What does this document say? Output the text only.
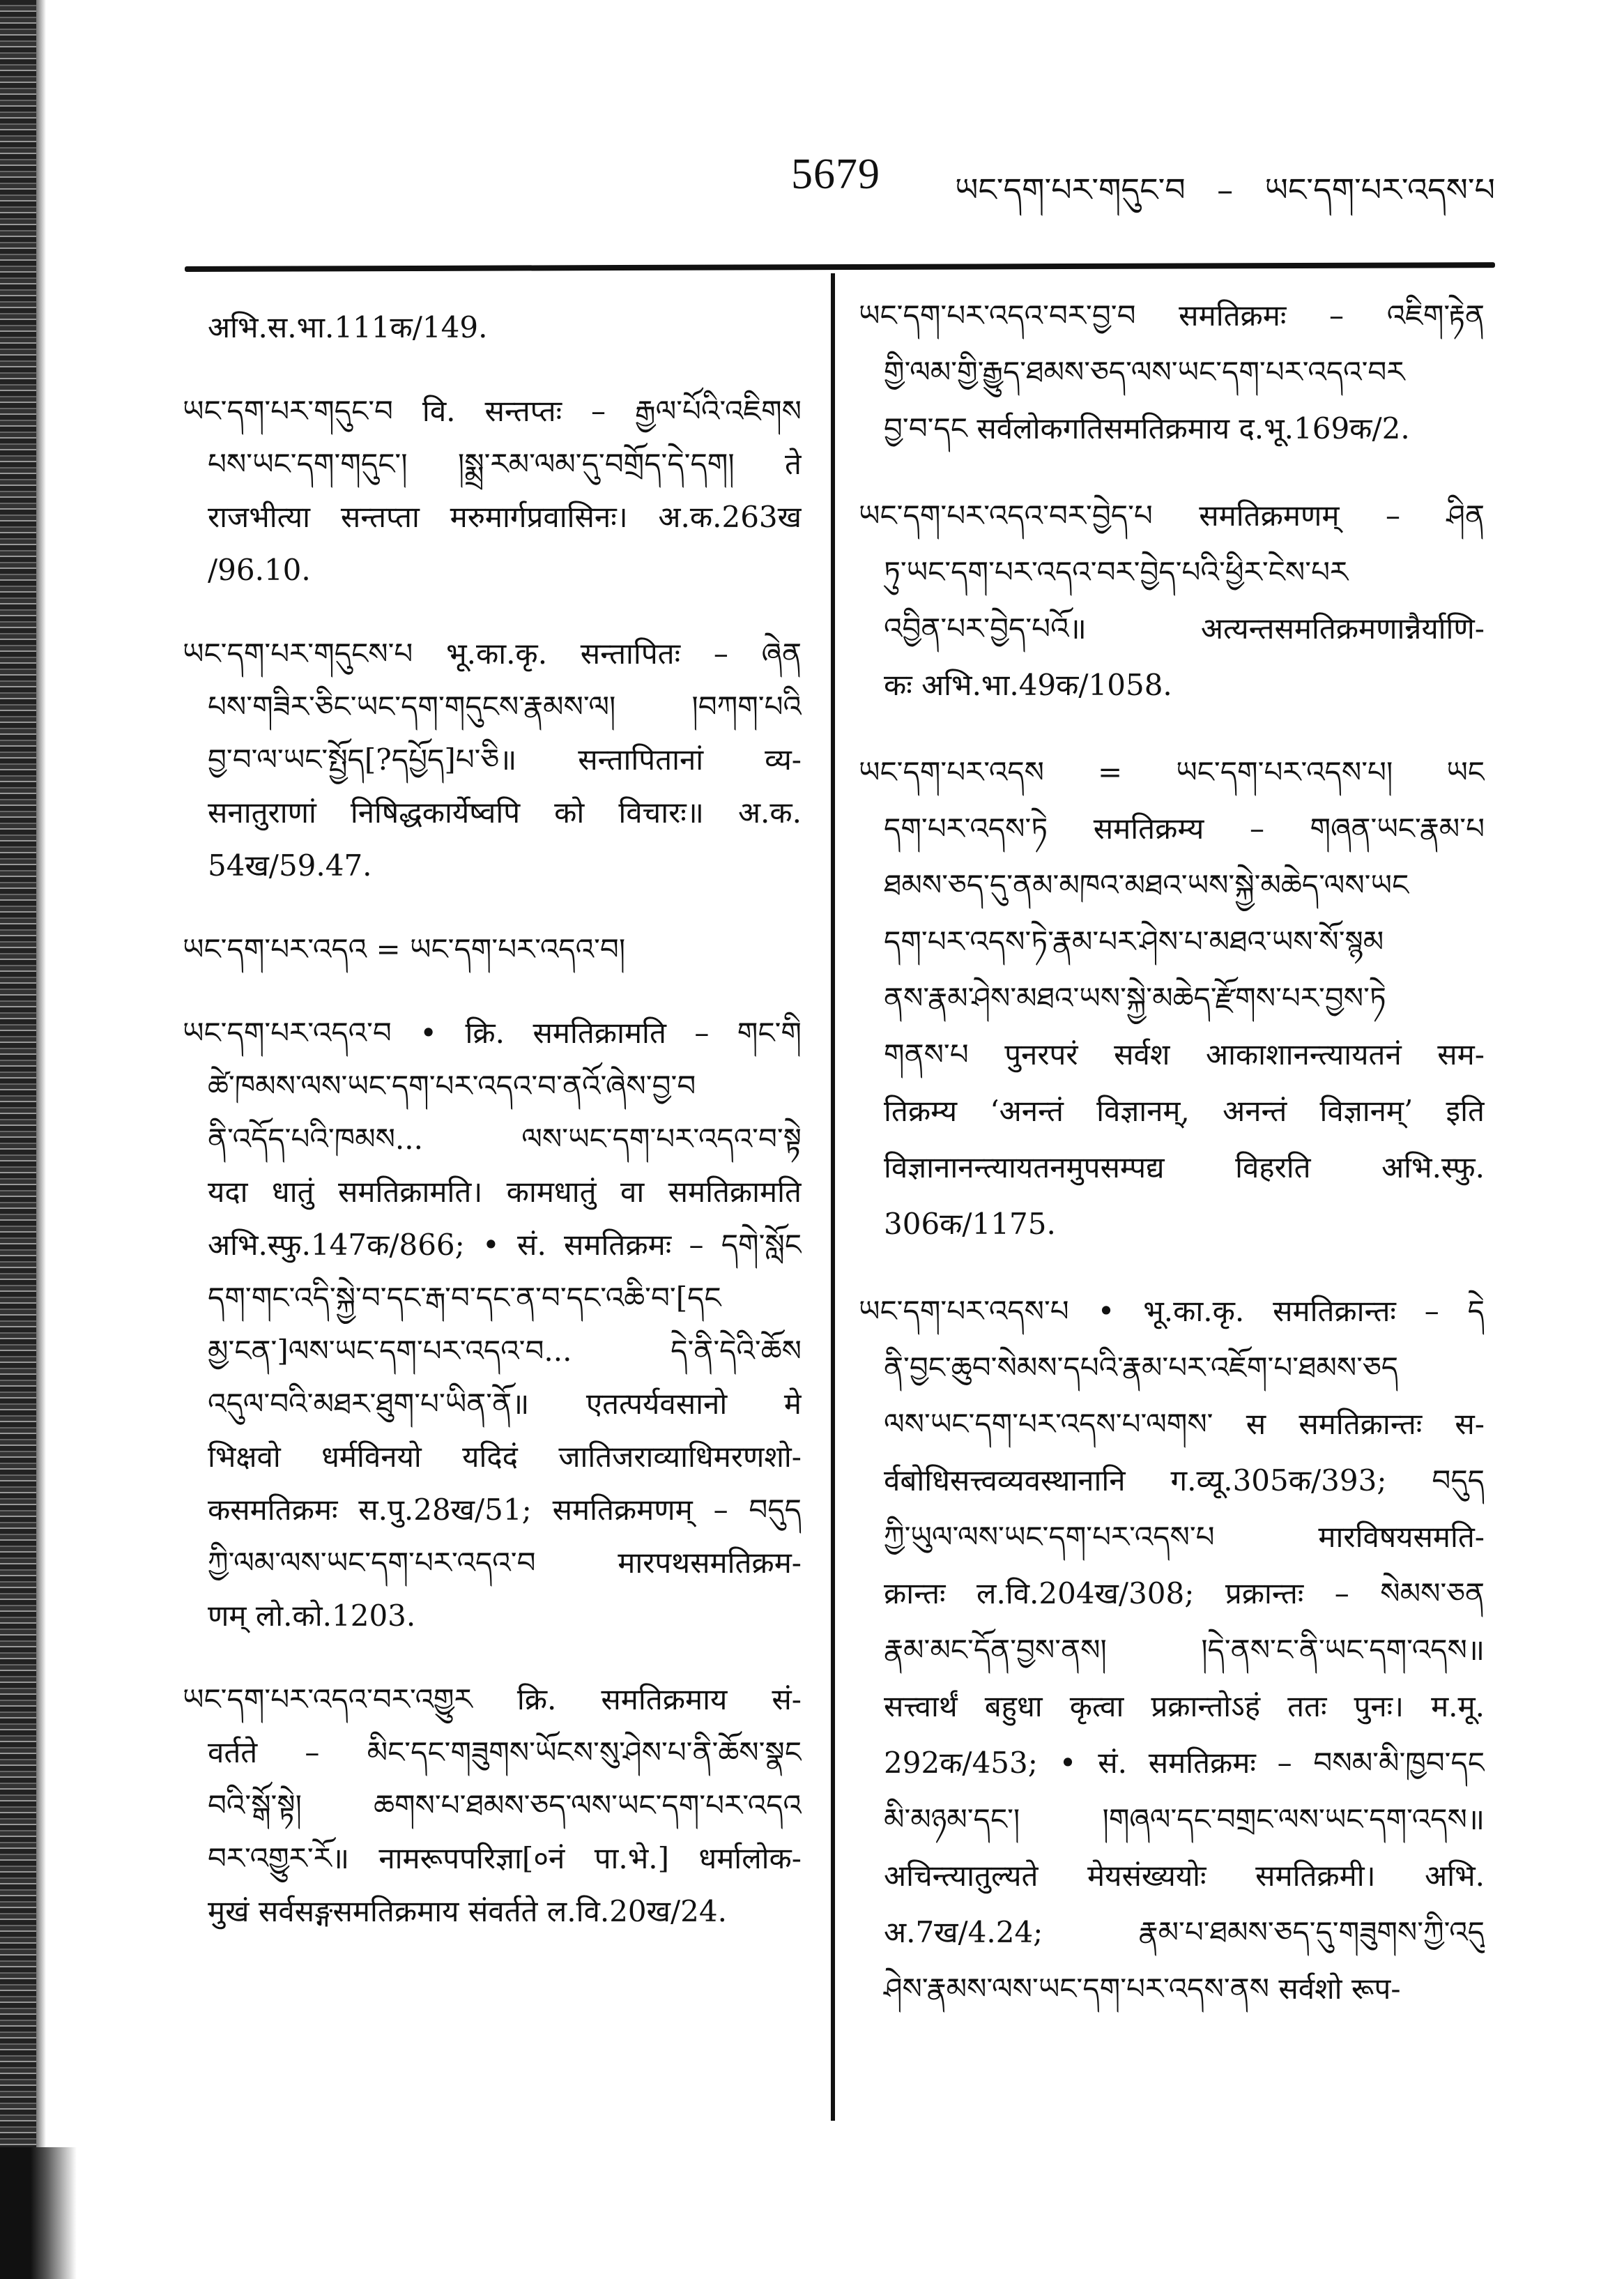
5679 ཡང་དག་པར་གདུང་བ – ཡང་དག་པར་འདས་པ
अभि.स.भा.111क/149.
ཡང་དག་པར་གདུང་བ वि. सन्तप्तः – རྒྱལ་པོའི་འཇིགས
པས་ཡང་དག་གདུང་། །སྨྲ་རམ་ལམ་དུ་བགྲོད་དེ་དག། ते
राजभीत्या सन्तप्ता मरुमार्गप्रवासिनः। अ.क.263ख
/96.10.
ཡང་དག་པར་གདུངས་པ भू.का.कृ. सन्तापितः – ཞེན
པས་གཟིར་ཅིང་ཡང་དག་གདུངས་རྣམས་ལ། །བཀག་པའི
བྱ་བ་ལ་ཡང་སྤྱོད[?དཔྱོད]པ་ཅི॥ सन्तापितानां व्य-
सनातुराणां निषिद्धकार्येष्वपि को विचारः॥ अ.क.
54ख/59.47.
ཡང་དག་པར་འདའ = ཡང་དག་པར་འདའ་བ།
ཡང་དག་པར་འདའ་བ • क्रि. समतिक्रामति – གང་གི
ཚེ་ཁམས་ལས་ཡང་དག་པར་འདའ་བ་ནའོ་ཞེས་བྱ་བ
ནི་འདོད་པའི་ཁམས... ལས་ཡང་དག་པར་འདའ་བ་སྟེ
यदा धातुं समतिक्रामति। कामधातुं वा समतिक्रामति
अभि.स्फु.147क/866; • सं. समतिक्रमः – དགེ་སློང
དག་གང་འདི་སྐྱེ་བ་དང་རྒ་བ་དང་ན་བ་དང་འཆི་བ་[དང
མྱ་ངན་]ལས་ཡང་དག་པར་འདའ་བ... དེ་ནི་དེའི་ཆོས
འདུལ་བའི་མཐར་ཐུག་པ་ཡིན་ནོ॥ एतत्पर्यवसानो मे
भिक्षवो धर्मविनयो यदिदं जातिजराव्याधिमरणशो-
कसमतिक्रमः स.पु.28ख/51; समतिक्रमणम् – བདུད
ཀྱི་ལམ་ལས་ཡང་དག་པར་འདའ་བ मारपथसमतिक्रम-
णम् लो.को.1203.
ཡང་དག་པར་འདའ་བར་འགྱུར क्रि. समतिक्रमाय सं-
वर्तते – མིང་དང་གཟུགས་ཡོངས་སུ་ཤེས་པ་ནི་ཆོས་སྣང
བའི་སྒོ་སྟེ། ཆགས་པ་ཐམས་ཅད་ལས་ཡང་དག་པར་འདའ
བར་འགྱུར་རོ॥ नामरूपपरिज्ञा[०नं पा.भे.] धर्मालोक-
मुखं सर्वसङ्गसमतिक्रमाय संवर्तते ल.वि.20ख/24.
ཡང་དག་པར་འདའ་བར་བྱ་བ समतिक्रमः – འཇིག་རྟེན
གྱི་ལམ་གྱི་རྒྱུད་ཐམས་ཅད་ལས་ཡང་དག་པར་འདའ་བར
བྱ་བ་དང सर्वलोकगतिसमतिक्रमाय द.भू.169क/2.
ཡང་དག་པར་འདའ་བར་བྱེད་པ समतिक्रमणम् – ཤིན
ཏུ་ཡང་དག་པར་འདའ་བར་བྱེད་པའི་ཕྱིར་ངེས་པར
འབྱིན་པར་བྱེད་པའོ॥ अत्यन्तसमतिक्रमणान्नैर्याणि-
कः अभि.भा.49क/1058.
ཡང་དག་པར་འདས = ཡང་དག་པར་འདས་པ། ཡང
དག་པར་འདས་ཏེ समतिक्रम्य – གཞན་ཡང་རྣམ་པ
ཐམས་ཅད་དུ་ནམ་མཁའ་མཐའ་ཡས་སྐྱེ་མཆེད་ལས་ཡང
དག་པར་འདས་ཏེ་རྣམ་པར་ཤེས་པ་མཐའ་ཡས་སོ་སྙམ
ནས་རྣམ་ཤེས་མཐའ་ཡས་སྐྱེ་མཆེད་རྫོགས་པར་བྱས་ཏེ
གནས་པ पुनरपरं सर्वश आकाशानन्त्यायतनं सम-
तिक्रम्य ‘अनन्तं विज्ञानम्, अनन्तं विज्ञानम्’ इति
विज्ञानानन्त्यायतनमुपसम्पद्य विहरति अभि.स्फु.
306क/1175.
ཡང་དག་པར་འདས་པ • भू.का.कृ. समतिक्रान्तः – དེ
ནི་བྱང་ཆུབ་སེམས་དཔའི་རྣམ་པར་འཇོག་པ་ཐམས་ཅད
ལས་ཡང་དག་པར་འདས་པ་ལགས་ स समतिक्रान्तः स-
र्वबोधिसत्त्वव्यवस्थानानि ग.व्यू.305क/393; བདུད
ཀྱི་ཡུལ་ལས་ཡང་དག་པར་འདས་པ मारविषयसमति-
क्रान्तः ल.वि.204ख/308; प्रक्रान्तः – སེམས་ཅན
རྣམ་མང་དོན་བྱས་ནས། །དེ་ནས་ང་ནི་ཡང་དག་འདས॥
सत्त्वार्थं बहुधा कृत्वा प्रक्रान्तोऽहं ततः पुनः। म.मू.
292क/453; • सं. समतिक्रमः – བསམ་མི་ཁྱབ་དང
མི་མཉམ་དང་། །གཞལ་དང་བགྲང་ལས་ཡང་དག་འདས॥
अचिन्त्यातुल्यते मेयसंख्ययोः समतिक्रमी। अभि.
अ.7ख/4.24; རྣམ་པ་ཐམས་ཅད་དུ་གཟུགས་ཀྱི་འདུ
ཤེས་རྣམས་ལས་ཡང་དག་པར་འདས་ནས सर्वशो रूप-
